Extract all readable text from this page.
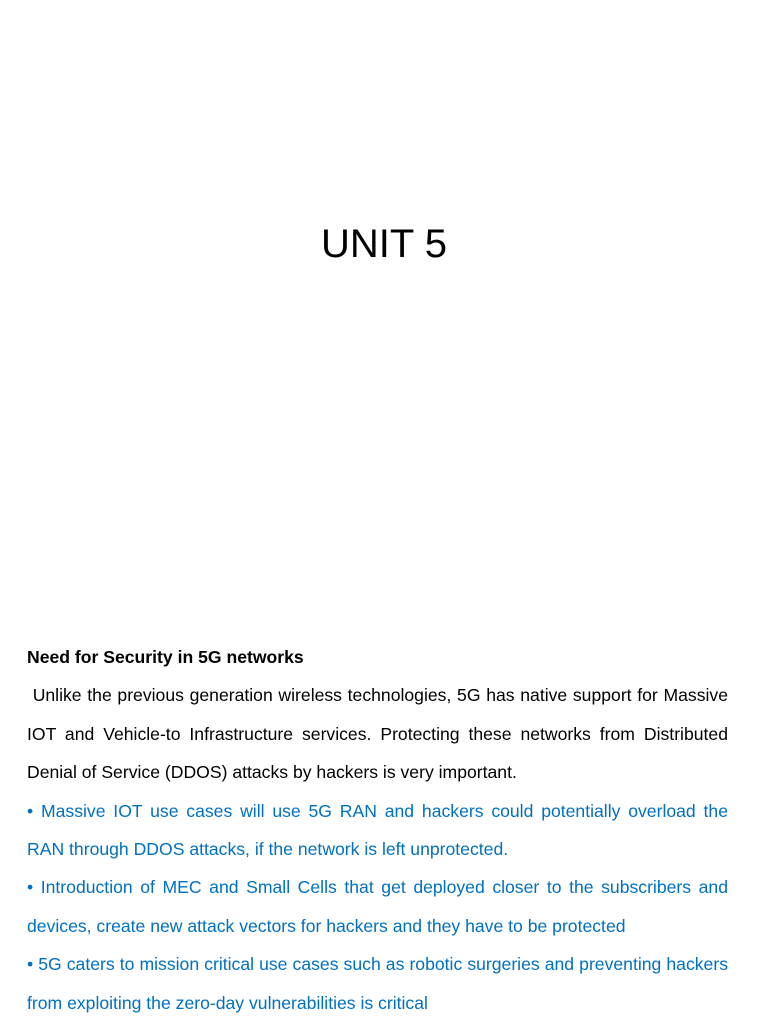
UNIT 5

Need for Security in 5G networks

Unlike the previous generation wireless technologies, 5G has native support for Massive IOT and Vehicle-to Infrastructure services. Protecting these networks from Distributed Denial of Service (DDOS) attacks by hackers is very important.

• Massive IOT use cases will use 5G RAN and hackers could potentially overload the RAN through DDOS attacks, if the network is left unprotected.

• Introduction of MEC and Small Cells that get deployed closer to the subscribers and devices, create new attack vectors for hackers and they have to be protected

• 5G caters to mission critical use cases such as robotic surgeries and preventing hackers from exploiting the zero-day vulnerabilities is critical
